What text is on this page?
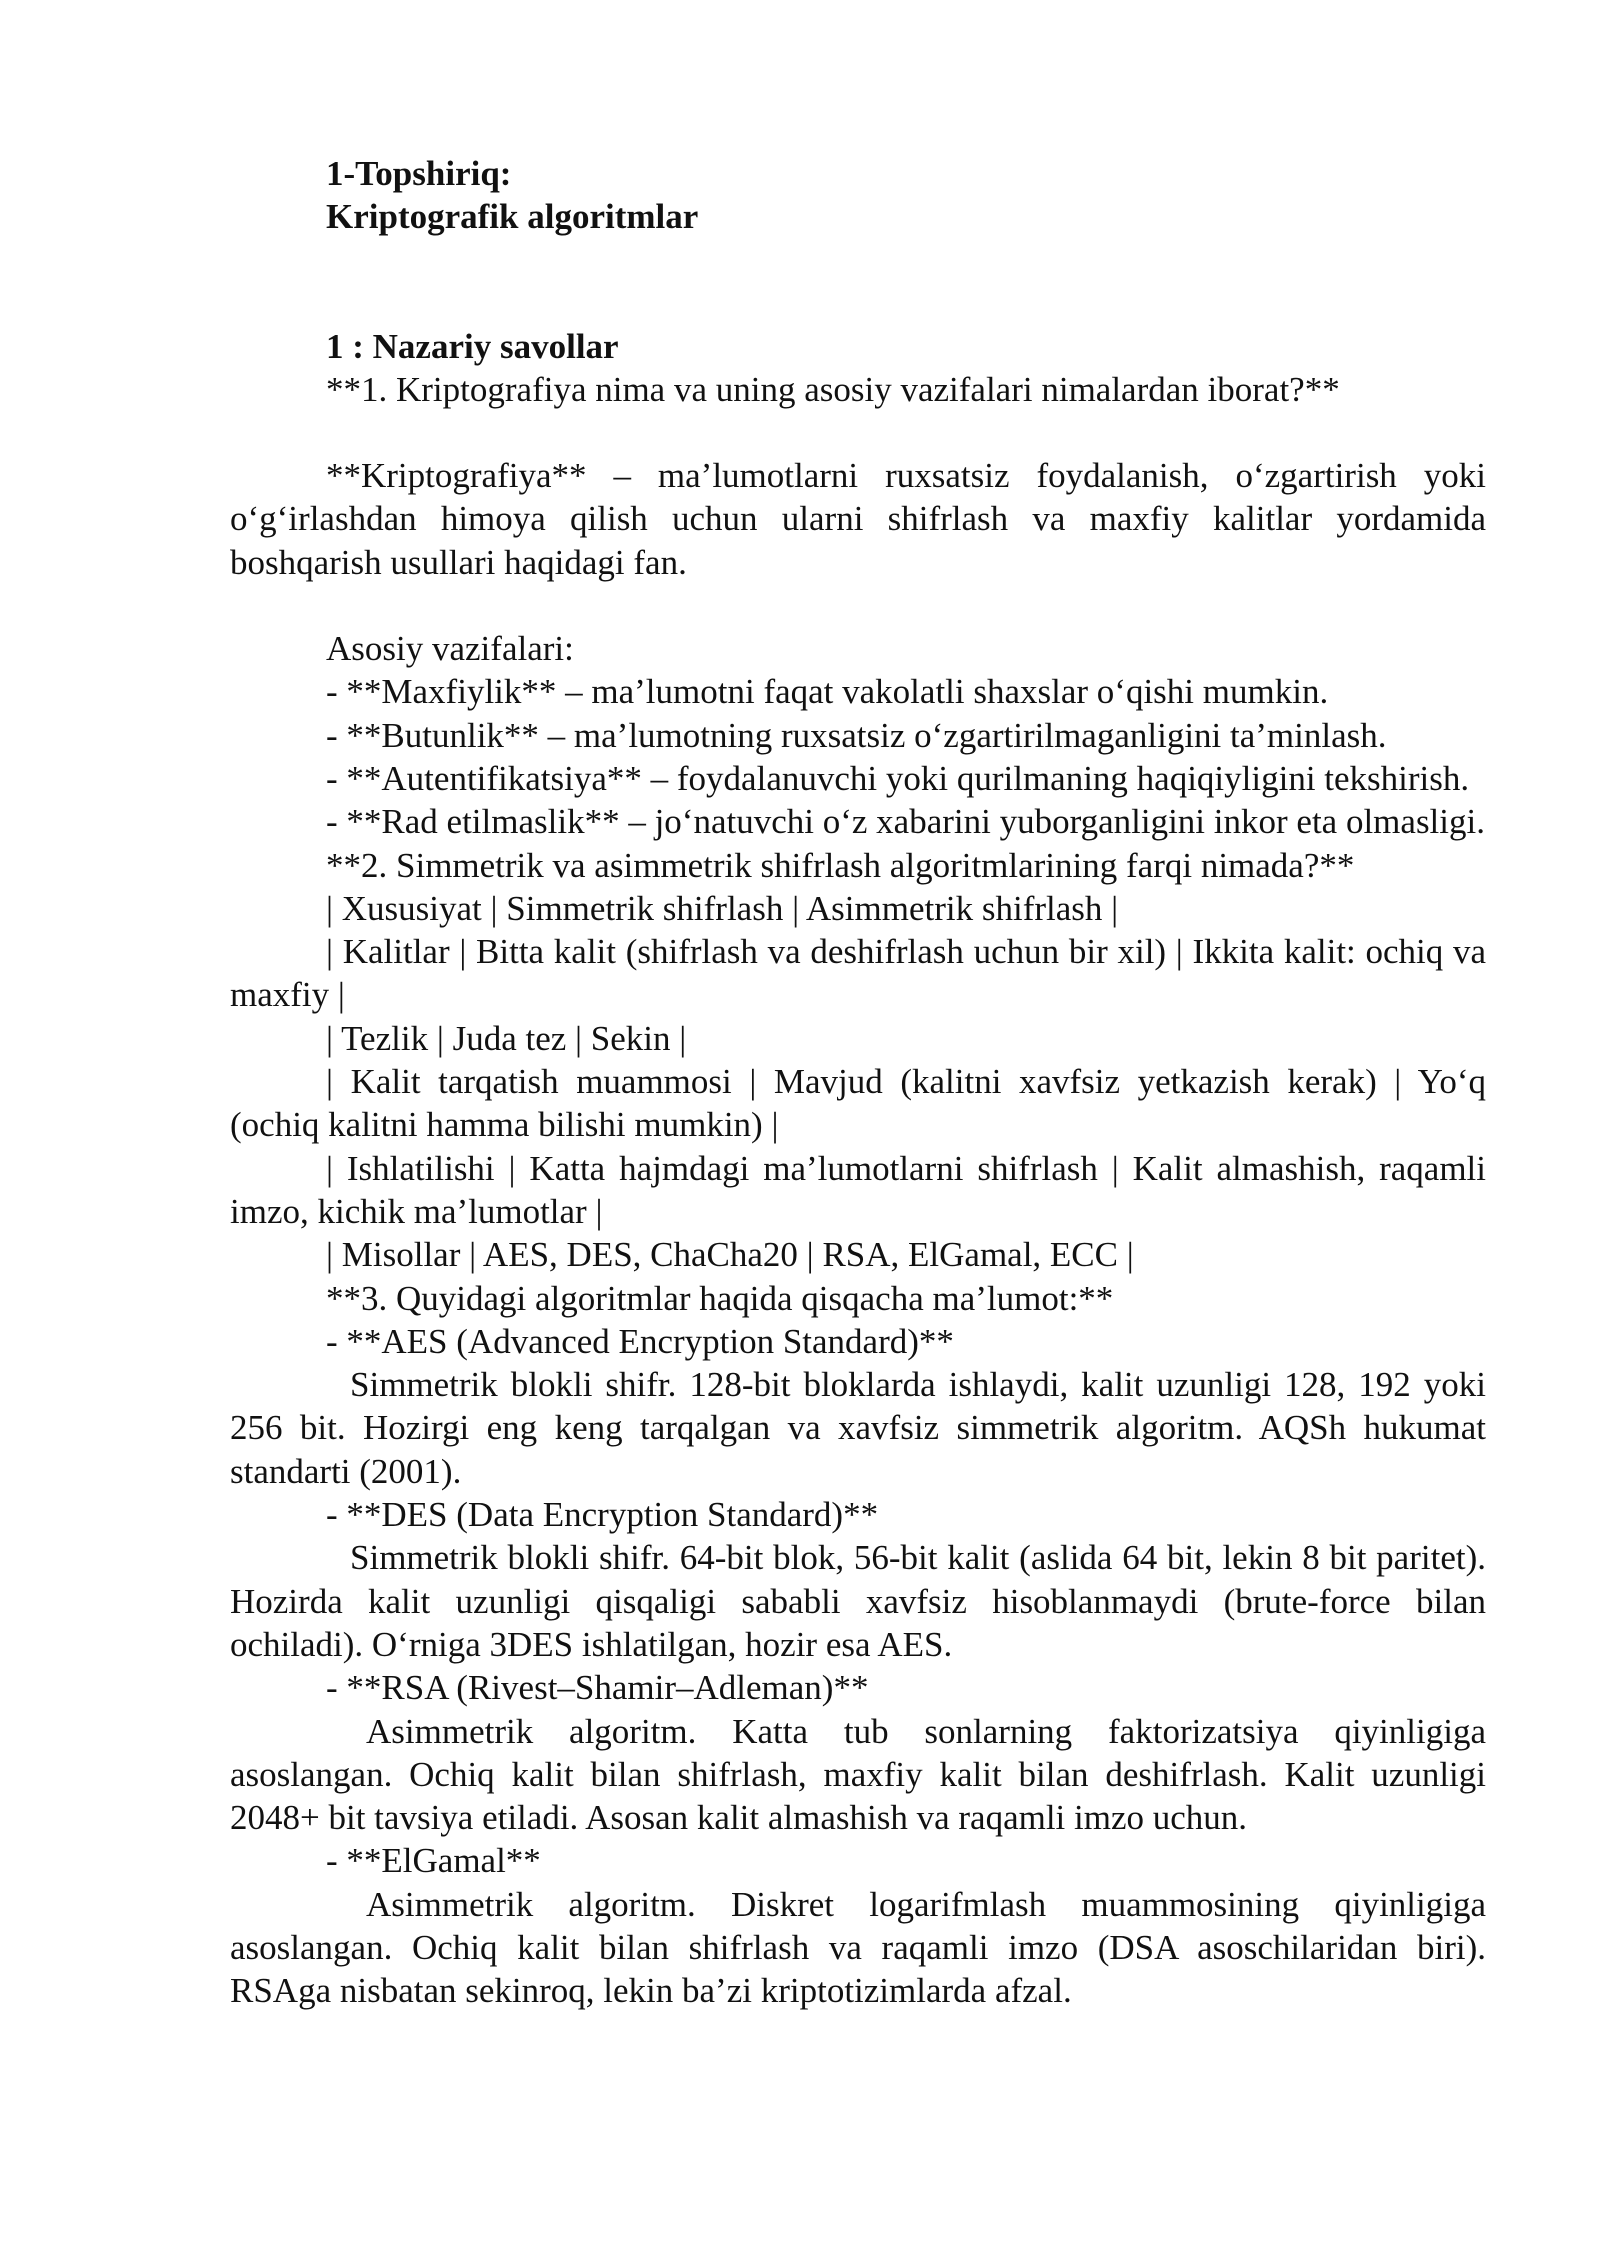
1-Topshiriq:

Kriptografik algoritmlar

1 : Nazariy savollar

**1. Kriptografiya nima va uning asosiy vazifalari nimalardan iborat?**

**Kriptografiya** – ma’lumotlarni ruxsatsiz foydalanish, o‘zgartirish yoki o‘g‘irlashdan himoya qilish uchun ularni shifrlash va maxfiy kalitlar yordamida boshqarish usullari haqidagi fan.

Asosiy vazifalari:

- **Maxfiylik** – ma’lumotni faqat vakolatli shaxslar o‘qishi mumkin.

- **Butunlik** – ma’lumotning ruxsatsiz o‘zgartirilmaganligini ta’minlash.

- **Autentifikatsiya** – foydalanuvchi yoki qurilmaning haqiqiyligini tekshirish.

- **Rad etilmaslik** – jo‘natuvchi o‘z xabarini yuborganligini inkor eta olmasligi.

**2. Simmetrik va asimmetrik shifrlash algoritmlarining farqi nimada?**

| Xususiyat | Simmetrik shifrlash | Asimmetrik shifrlash |

| Kalitlar | Bitta kalit (shifrlash va deshifrlash uchun bir xil) | Ikkita kalit: ochiq va maxfiy |

| Tezlik | Juda tez | Sekin |

| Kalit tarqatish muammosi | Mavjud (kalitni xavfsiz yetkazish kerak) | Yo‘q (ochiq kalitni hamma bilishi mumkin) |

| Ishlatilishi | Katta hajmdagi ma’lumotlarni shifrlash | Kalit almashish, raqamli imzo, kichik ma’lumotlar |

| Misollar | AES, DES, ChaCha20 | RSA, ElGamal, ECC |

**3. Quyidagi algoritmlar haqida qisqacha ma’lumot:**

- **AES (Advanced Encryption Standard)**

Simmetrik blokli shifr. 128-bit bloklarda ishlaydi, kalit uzunligi 128, 192 yoki 256 bit. Hozirgi eng keng tarqalgan va xavfsiz simmetrik algoritm. AQSh hukumat standarti (2001).

- **DES (Data Encryption Standard)**

Simmetrik blokli shifr. 64-bit blok, 56-bit kalit (aslida 64 bit, lekin 8 bit paritet). Hozirda kalit uzunligi qisqaligi sababli xavfsiz hisoblanmaydi (brute-force bilan ochiladi). O‘rniga 3DES ishlatilgan, hozir esa AES.

- **RSA (Rivest–Shamir–Adleman)**

Asimmetrik algoritm. Katta tub sonlarning faktorizatsiya qiyinligiga asoslangan. Ochiq kalit bilan shifrlash, maxfiy kalit bilan deshifrlash. Kalit uzunligi 2048+ bit tavsiya etiladi. Asosan kalit almashish va raqamli imzo uchun.

- **ElGamal**

Asimmetrik algoritm. Diskret logarifmlash muammosining qiyinligiga asoslangan. Ochiq kalit bilan shifrlash va raqamli imzo (DSA asoschilaridan biri). RSAga nisbatan sekinroq, lekin ba’zi kriptotizimlarda afzal.
